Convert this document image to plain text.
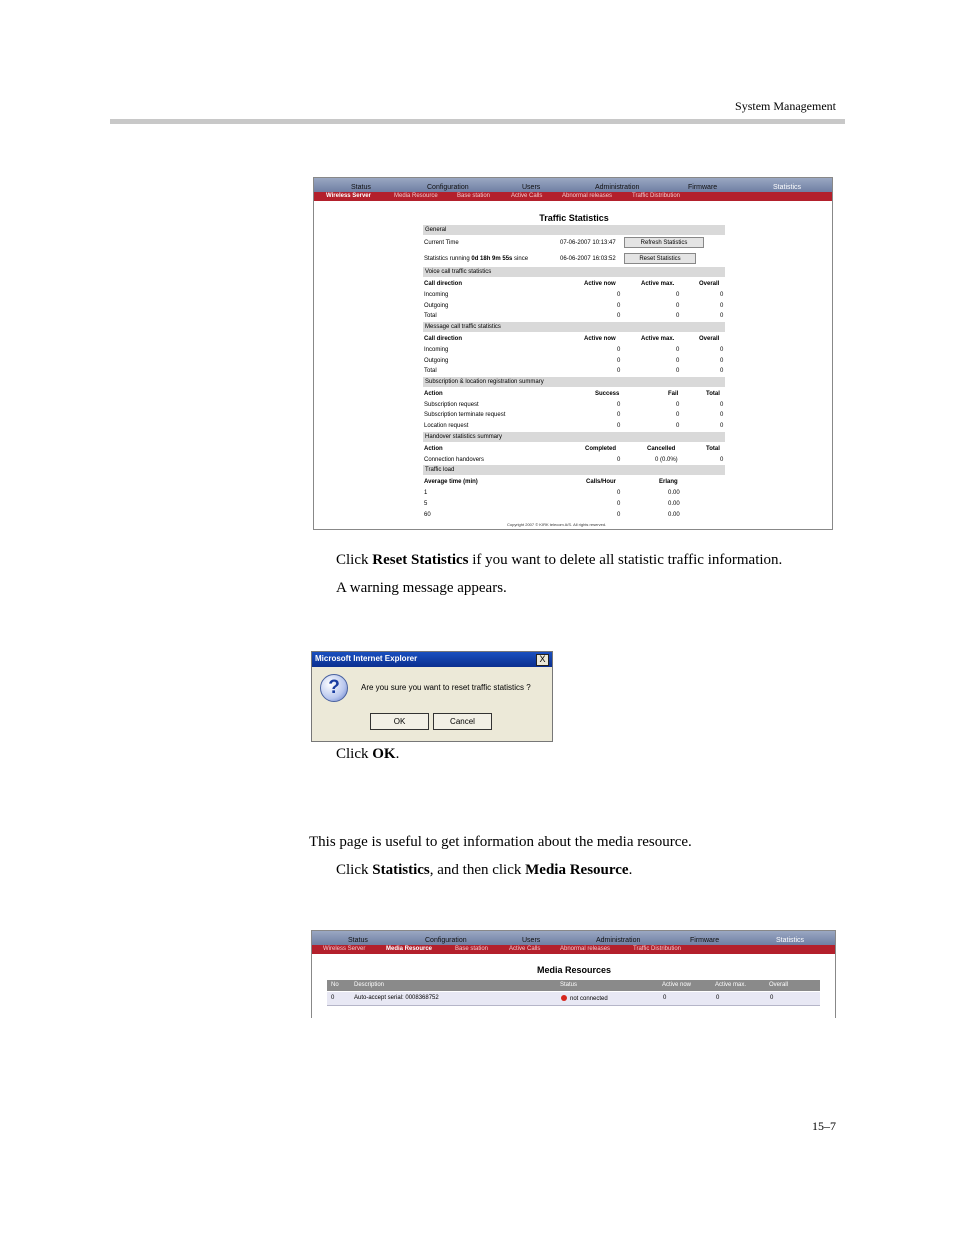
System Management
Status	Configuration	Users	Administration	Firmware	Statistics
Wireless Server	Media Resource	Base station	Active Calls	Abnormal releases	Traffic Distribution
Traffic Statistics
General
Current Time	07-06-2007 10:13:47	Refresh Statistics
Statistics running 0d 18h 9m 55s since	06-06-2007 16:03:52	Reset Statistics
Voice call traffic statistics
Call direction	Active now	Active max.	Overall
Incoming	0	0	0
Outgoing	0	0	0
Total	0	0	0
Message call traffic statistics
Call direction	Active now	Active max.	Overall
Incoming	0	0	0
Outgoing	0	0	0
Total	0	0	0
Subscription & location registration summary
Action	Success	Fail	Total
Subscription request	0	0	0
Subscription terminate request	0	0	0
Location request	0	0	0
Handover statistics summary
Action	Completed	Cancelled	Total
Connection handovers	0	0 (0.0%)	0
Traffic load
Average time (min)	Calls/Hour	Erlang
1	0	0.00
5	0	0.00
60	0	0.00
Copyright 2007 © KIRK telecom A/S. All rights reserved.
Click Reset Statistics if you want to delete all statistic traffic information.
A warning message appears.
Microsoft Internet Explorer	X
?	Are you sure you want to reset traffic statistics ?
OK	Cancel
Click OK.
This page is useful to get information about the media resource.
Click Statistics, and then click Media Resource.
Status	Configuration	Users	Administration	Firmware	Statistics
Wireless Server	Media Resource	Base station	Active Calls	Abnormal releases	Traffic Distribution
Media Resources
No	Description	Status	Active now	Active max.	Overall
0	Auto-accept serial: 0008368752	not connected	0	0	0
15–7
